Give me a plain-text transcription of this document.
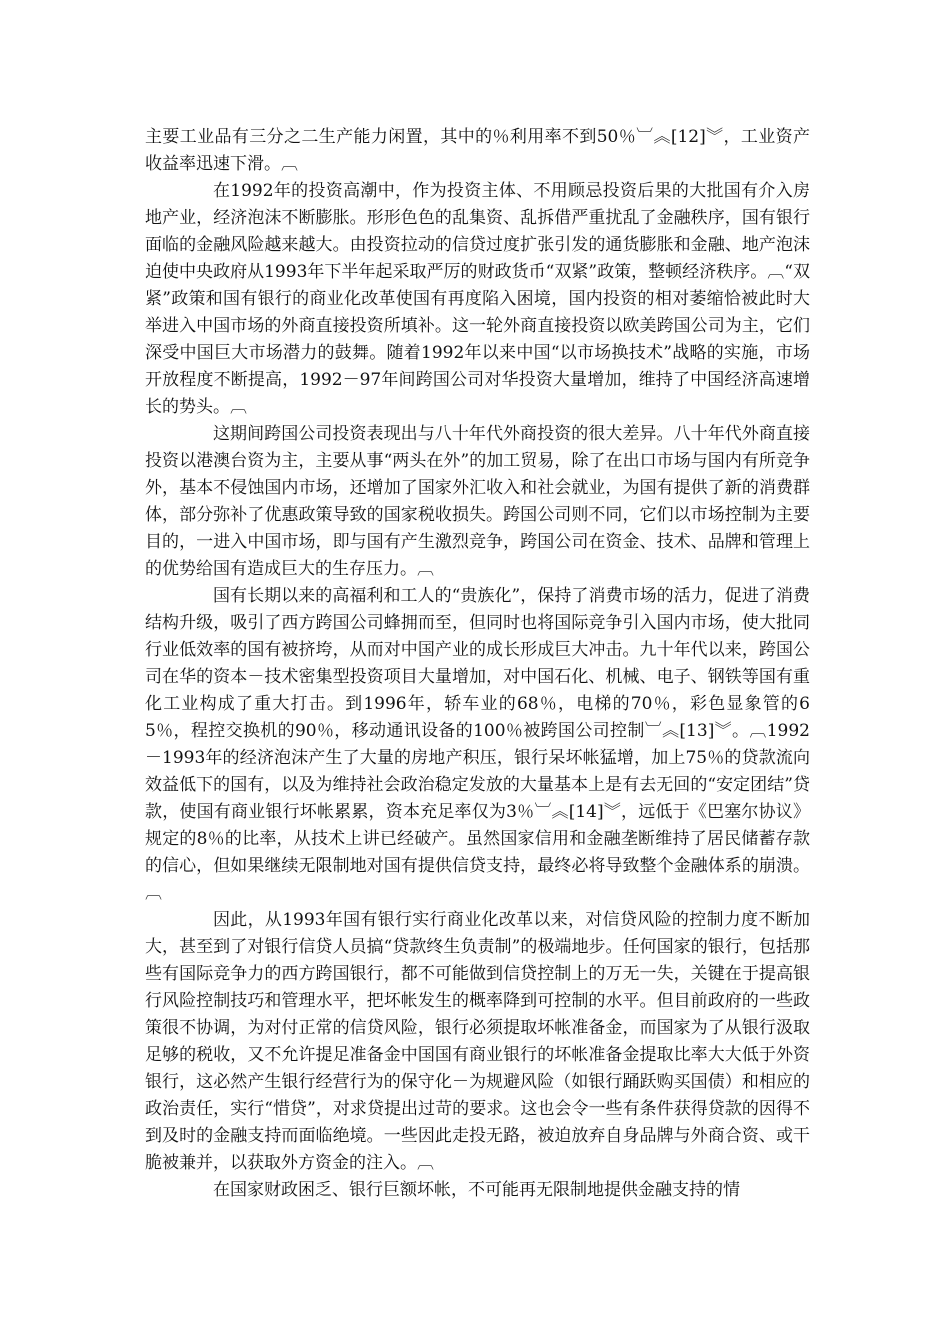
主要工业品有三分之二生产能力闲置，其中的％利用率不到50％︺︽[12]︾，工业资产收益率迅速下滑。︹

在1992年的投资高潮中，作为投资主体、不用顾忌投资后果的大批国有介入房地产业，经济泡沫不断膨胀。形形色色的乱集资、乱拆借严重扰乱了金融秩序，国有银行面临的金融风险越来越大。由投资拉动的信贷过度扩张引发的通货膨胀和金融、地产泡沫迫使中央政府从1993年下半年起采取严厉的财政货币“双紧”政策，整顿经济秩序。︹“双紧”政策和国有银行的商业化改革使国有再度陷入困境，国内投资的相对萎缩恰被此时大举进入中国市场的外商直接投资所填补。这一轮外商直接投资以欧美跨国公司为主，它们深受中国巨大市场潜力的鼓舞。随着1992年以来中国“以市场换技术”战略的实施，市场开放程度不断提高，1992－97年间跨国公司对华投资大量增加，维持了中国经济高速增长的势头。︹

这期间跨国公司投资表现出与八十年代外商投资的很大差异。八十年代外商直接投资以港澳台资为主，主要从事“两头在外”的加工贸易，除了在出口市场与国内有所竞争外，基本不侵蚀国内市场，还增加了国家外汇收入和社会就业，为国有提供了新的消费群体，部分弥补了优惠政策导致的国家税收损失。跨国公司则不同，它们以市场控制为主要目的，一进入中国市场，即与国有产生激烈竞争，跨国公司在资金、技术、品牌和管理上的优势给国有造成巨大的生存压力。︹

国有长期以来的高福利和工人的“贵族化”，保持了消费市场的活力，促进了消费结构升级，吸引了西方跨国公司蜂拥而至，但同时也将国际竞争引入国内市场，使大批同行业低效率的国有被挤垮，从而对中国产业的成长形成巨大冲击。九十年代以来，跨国公司在华的资本－技术密集型投资项目大量增加，对中国石化、机械、电子、钢铁等国有重化工业构成了重大打击。到1996年，轿车业的68％，电梯的70％，彩色显象管的65％，程控交换机的90％，移动通讯设备的100％被跨国公司控制︺︽[13]︾。︹1992－1993年的经济泡沫产生了大量的房地产积压，银行呆坏帐猛增，加上75％的贷款流向效益低下的国有，以及为维持社会政治稳定发放的大量基本上是有去无回的“安定团结”贷款，使国有商业银行坏帐累累，资本充足率仅为3％︺︽[14]︾，远低于《巴塞尔协议》规定的8％的比率，从技术上讲已经破产。虽然国家信用和金融垄断维持了居民储蓄存款的信心，但如果继续无限制地对国有提供信贷支持，最终必将导致整个金融体系的崩溃。︹

因此，从1993年国有银行实行商业化改革以来，对信贷风险的控制力度不断加大，甚至到了对银行信贷人员搞“贷款终生负责制”的极端地步。任何国家的银行，包括那些有国际竞争力的西方跨国银行，都不可能做到信贷控制上的万无一失，关键在于提高银行风险控制技巧和管理水平，把坏帐发生的概率降到可控制的水平。但目前政府的一些政策很不协调，为对付正常的信贷风险，银行必须提取坏帐准备金，而国家为了从银行汲取足够的税收，又不允许提足准备金中国国有商业银行的坏帐准备金提取比率大大低于外资银行，这必然产生银行经营行为的保守化－为规避风险（如银行踊跃购买国债）和相应的政治责任，实行“惜贷”，对求贷提出过苛的要求。这也会令一些有条件获得贷款的因得不到及时的金融支持而面临绝境。一些因此走投无路，被迫放弃自身品牌与外商合资、或干脆被兼并，以获取外方资金的注入。︹

在国家财政困乏、银行巨额坏帐，不可能再无限制地提供金融支持的情
